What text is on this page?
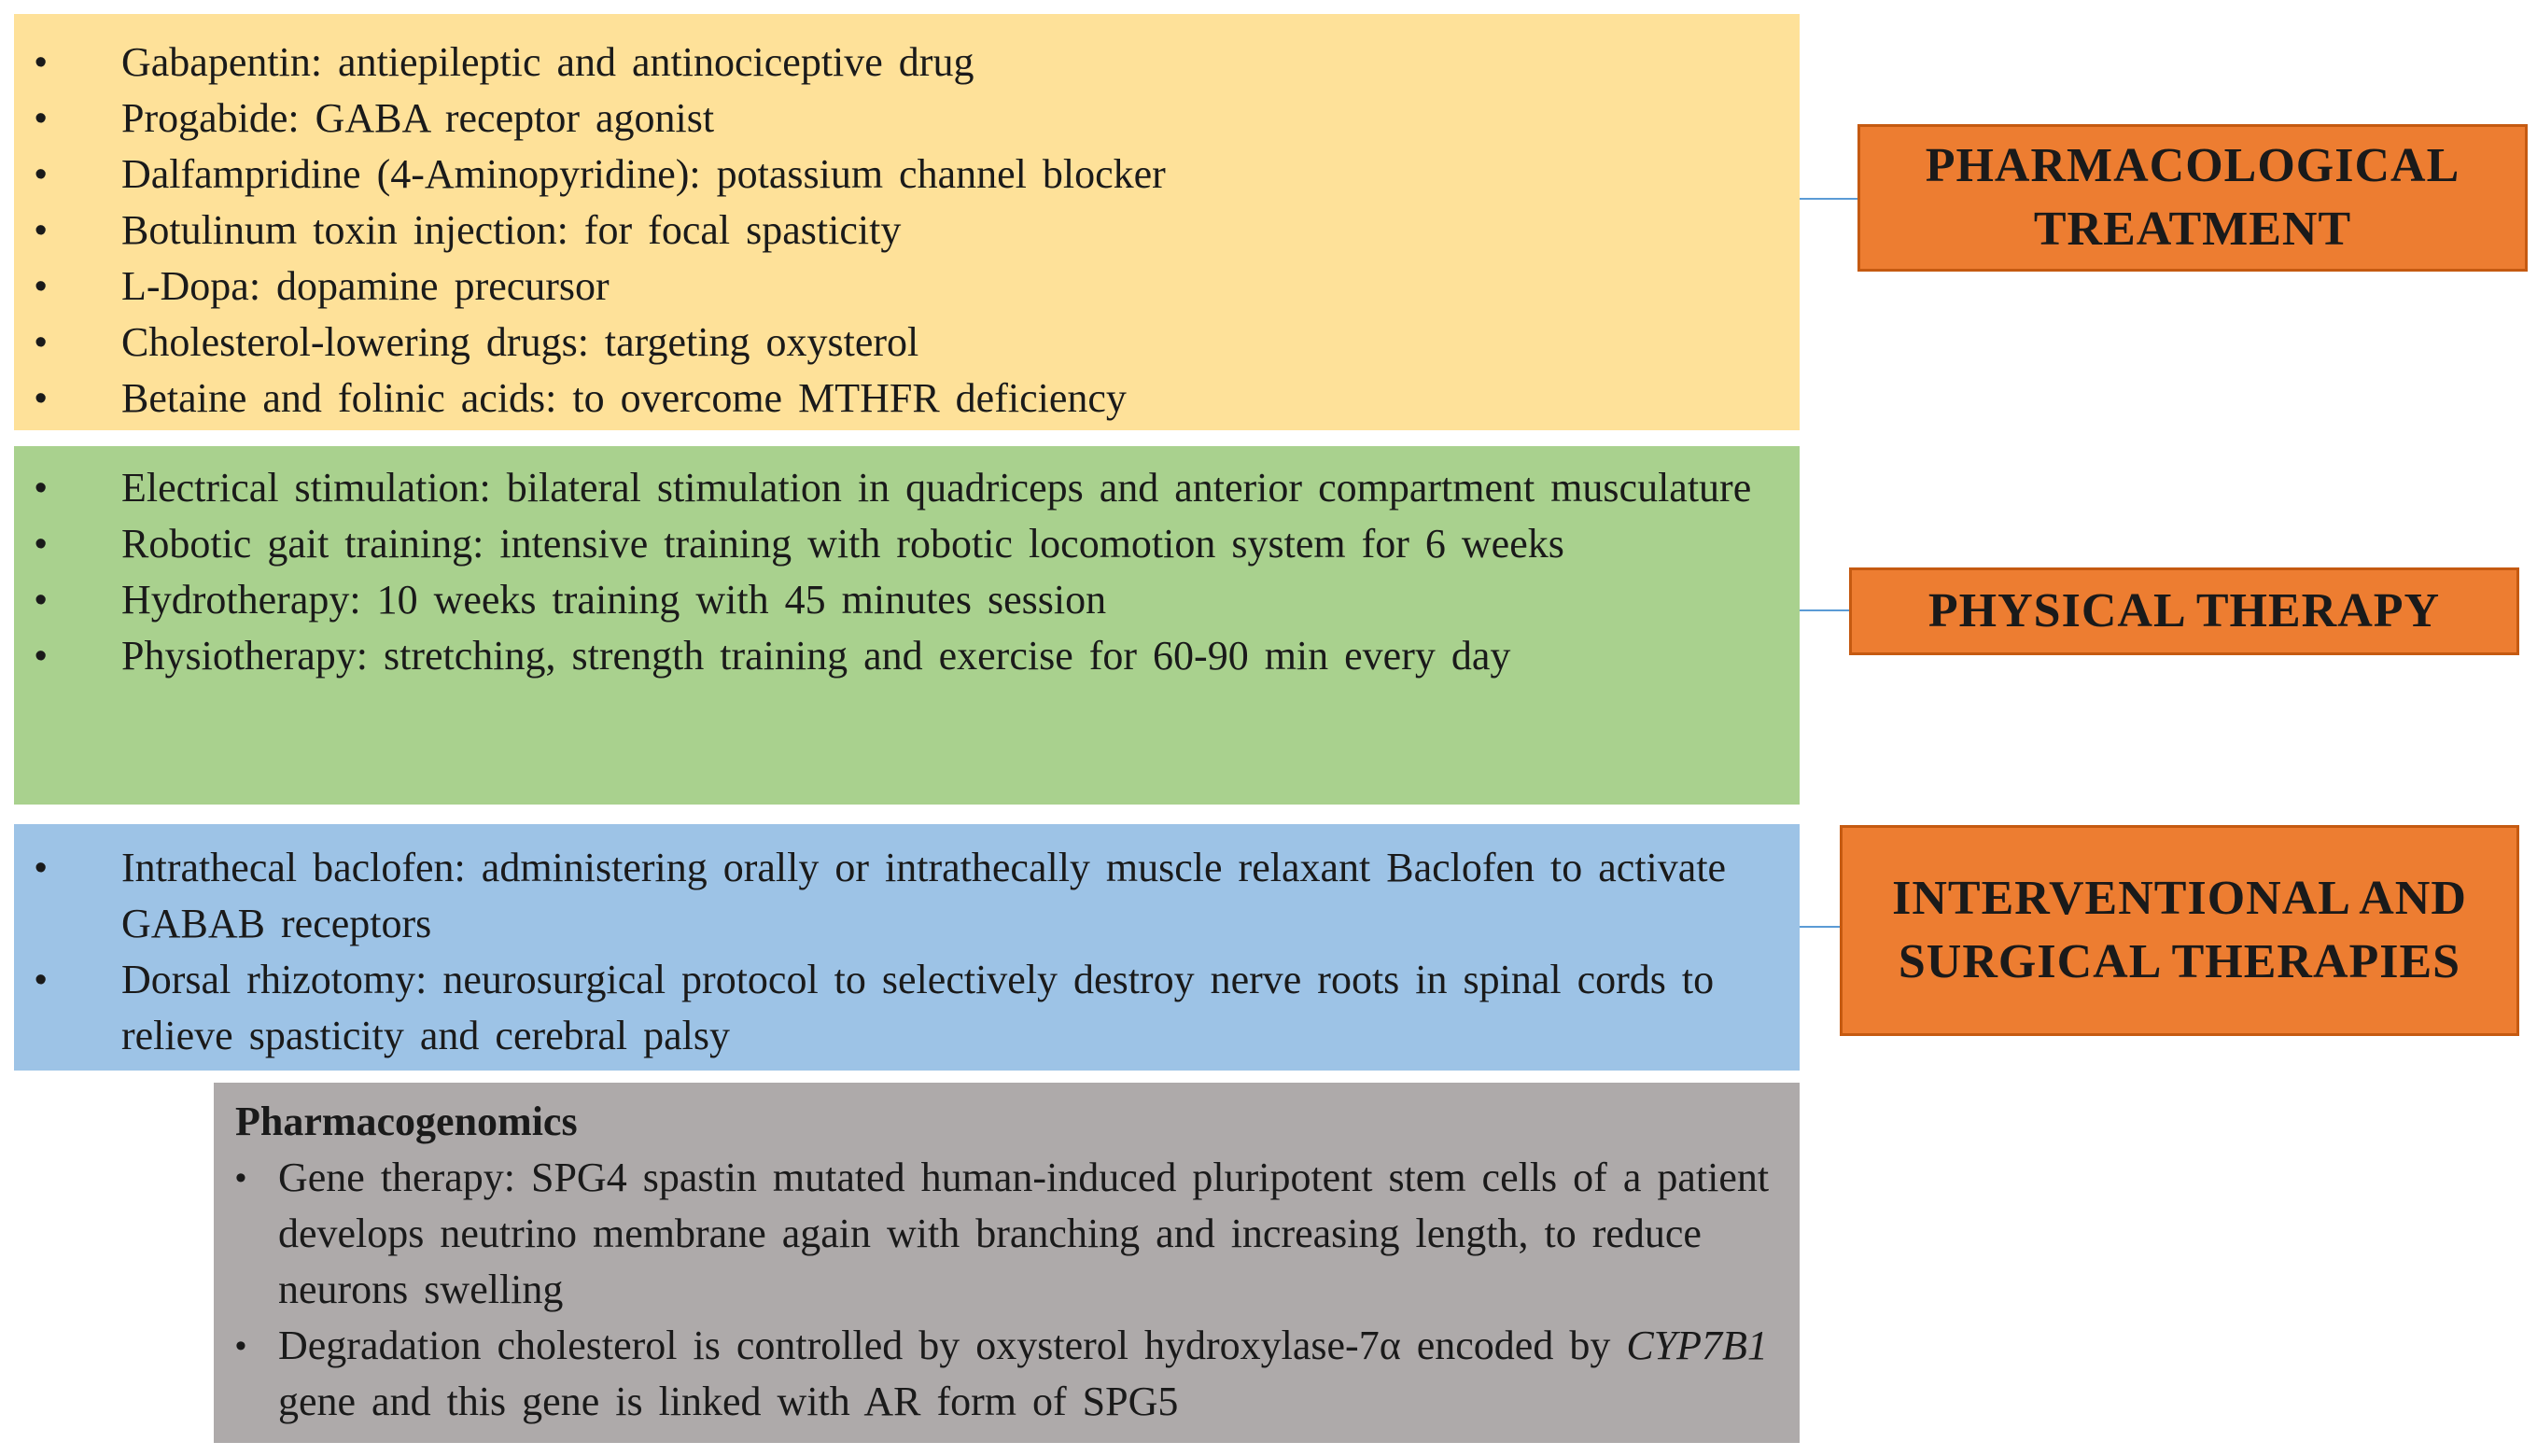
•	Gabapentin: antiepileptic and antinociceptive drug
•	Progabide: GABA receptor agonist
•	Dalfampridine (4-Aminopyridine): potassium channel blocker
•	Botulinum toxin injection: for focal spasticity
•	L-Dopa: dopamine precursor
•	Cholesterol-lowering drugs: targeting oxysterol
•	Betaine and folinic acids: to overcome MTHFR deficiency
•	Electrical stimulation: bilateral stimulation in quadriceps and anterior compartment musculature
•	Robotic gait training: intensive training with robotic locomotion system for 6 weeks
•	Hydrotherapy: 10 weeks training with 45 minutes session
•	Physiotherapy: stretching, strength training and exercise for 60-90 min every day
•	Intrathecal baclofen: administering orally or intrathecally muscle relaxant Baclofen to activate GABAB receptors
•	Dorsal rhizotomy: neurosurgical protocol to selectively destroy nerve roots in spinal cords to relieve spasticity and cerebral palsy
Pharmacogenomics
• Gene therapy: SPG4 spastin mutated human-induced pluripotent stem cells of a patient develops neutrino membrane again with branching and increasing length, to reduce neurons swelling
• Degradation cholesterol is controlled by oxysterol hydroxylase-7α encoded by CYP7B1 gene and this gene is linked with AR form of SPG5
PHARMACOLOGICAL TREATMENT
PHYSICAL THERAPY
INTERVENTIONAL AND SURGICAL THERAPIES
